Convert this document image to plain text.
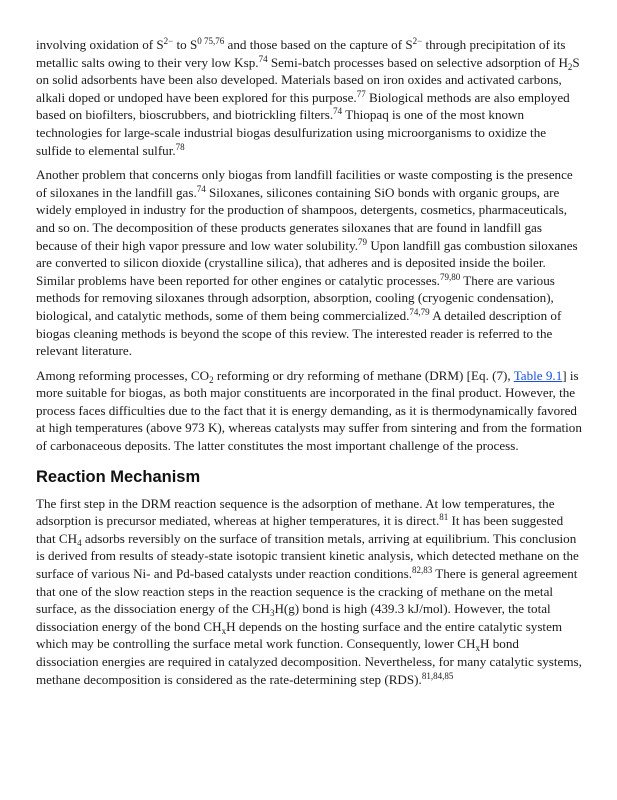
involving oxidation of $S^{2-}$ to $S^0$ $^{75,76}$ and those based on the capture of $S^{2-}$ through precipitation of its metallic salts owing to their very low Ksp.$^{74}$ Semi-batch processes based on selective adsorption of $H_2S$ on solid adsorbents have been also developed. Materials based on iron oxides and activated carbons, alkali doped or undoped have been explored for this purpose.$^{77}$ Biological methods are also employed based on biofilters, bioscrubbers, and biotrickling filters.$^{74}$ Thiopaq is one of the most known technologies for large-scale industrial biogas desulfurization using microorganisms to oxidize the sulfide to elemental sulfur.$^{78}$

Another problem that concerns only biogas from landfill facilities or waste composting is the presence of siloxanes in the landfill gas.$^{74}$ Siloxanes, silicones containing SiO bonds with organic groups, are widely employed in industry for the production of shampoos, detergents, cosmetics, pharmaceuticals, and so on. The decomposition of these products generates siloxanes that are found in landfill gas because of their high vapor pressure and low water solubility.$^{79}$ Upon landfill gas combustion siloxanes are converted to silicon dioxide (crystalline silica), that adheres and is deposited inside the boiler. Similar problems have been reported for other engines or catalytic processes.$^{79,80}$ There are various methods for removing siloxanes through adsorption, absorption, cooling (cryogenic condensation), biological, and catalytic methods, some of them being commercialized.$^{74,79}$ A detailed description of biogas cleaning methods is beyond the scope of this review. The interested reader is referred to the relevant literature.

Among reforming processes, $CO_2$ reforming or dry reforming of methane (DRM) [Eq. (7), Table 9.1] is more suitable for biogas, as both major constituents are incorporated in the final product. However, the process faces difficulties due to the fact that it is energy demanding, as it is thermodynamically favored at high temperatures (above 973 K), whereas catalysts may suffer from sintering and from the formation of carbonaceous deposits. The latter constitutes the most important challenge of the process.

Reaction Mechanism

The first step in the DRM reaction sequence is the adsorption of methane. At low temperatures, the adsorption is precursor mediated, whereas at higher temperatures, it is direct.$^{81}$ It has been suggested that $CH_4$ adsorbs reversibly on the surface of transition metals, arriving at equilibrium. This conclusion is derived from results of steady-state isotopic transient kinetic analysis, which detected methane on the surface of various Ni- and Pd-based catalysts under reaction conditions.$^{82,83}$ There is general agreement that one of the slow reaction steps in the reaction sequence is the cracking of methane on the metal surface, as the dissociation energy of the $CH_3H(g)$ bond is high (439.3 kJ/mol). However, the total dissociation energy of the bond $CH_xH$ depends on the hosting surface and the entire catalytic system which may be controlling the surface metal work function. Consequently, lower $CH_xH$ bond dissociation energies are required in catalyzed decomposition. Nevertheless, for many catalytic systems, methane decomposition is considered as the rate-determining step (RDS).$^{81,84,85}$
